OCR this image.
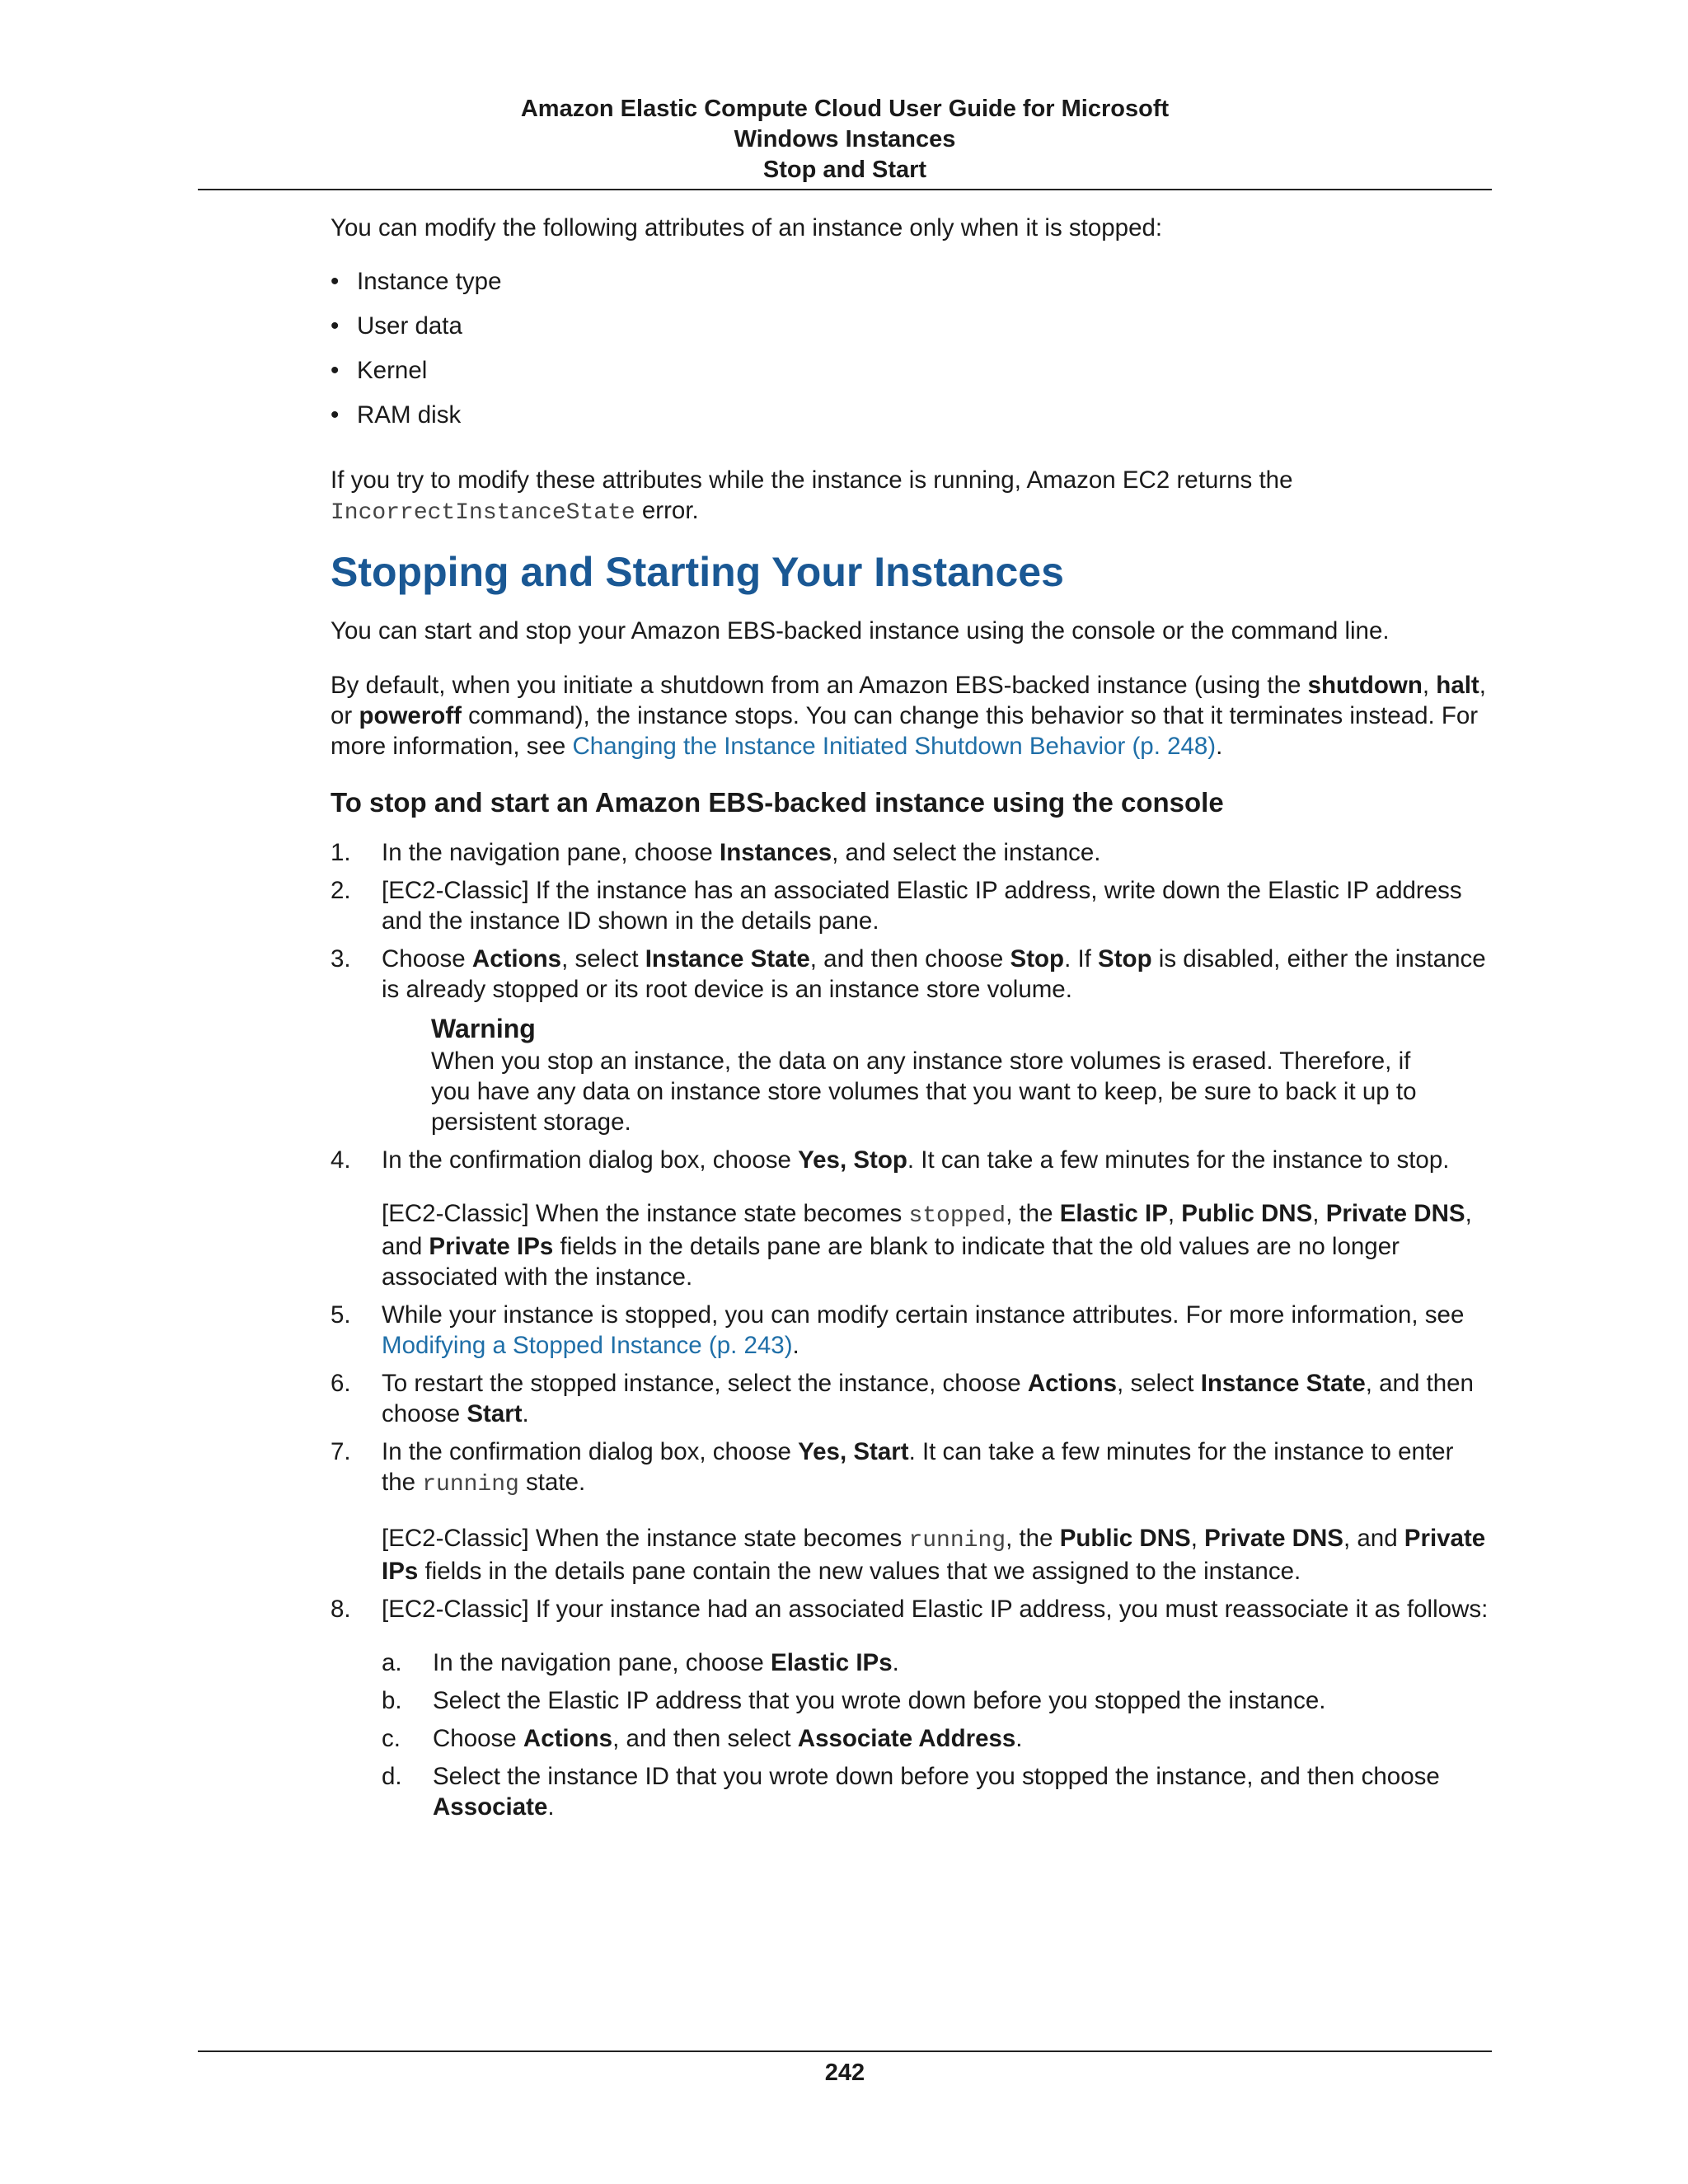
Amazon Elastic Compute Cloud User Guide for Microsoft
Windows Instances
Stop and Start

You can modify the following attributes of an instance only when it is stopped:

• Instance type
• User data
• Kernel
• RAM disk

If you try to modify these attributes while the instance is running, Amazon EC2 returns the
IncorrectInstanceState error.

Stopping and Starting Your Instances

You can start and stop your Amazon EBS-backed instance using the console or the command line.

By default, when you initiate a shutdown from an Amazon EBS-backed instance (using the shutdown, halt, or poweroff command), the instance stops. You can change this behavior so that it terminates instead. For more information, see Changing the Instance Initiated Shutdown Behavior (p. 248).

To stop and start an Amazon EBS-backed instance using the console
1. In the navigation pane, choose Instances, and select the instance.
2. [EC2-Classic] If the instance has an associated Elastic IP address, write down the Elastic IP address and the instance ID shown in the details pane.
3. Choose Actions, select Instance State, and then choose Stop. If Stop is disabled, either the instance is already stopped or its root device is an instance store volume.
Warning
When you stop an instance, the data on any instance store volumes is erased. Therefore, if you have any data on instance store volumes that you want to keep, be sure to back it up to persistent storage.
4. In the confirmation dialog box, choose Yes, Stop. It can take a few minutes for the instance to stop.

[EC2-Classic] When the instance state becomes stopped, the Elastic IP, Public DNS, Private DNS, and Private IPs fields in the details pane are blank to indicate that the old values are no longer associated with the instance.

5. While your instance is stopped, you can modify certain instance attributes. For more information, see Modifying a Stopped Instance (p. 243).
6. To restart the stopped instance, select the instance, choose Actions, select Instance State, and then choose Start.
7. In the confirmation dialog box, choose Yes, Start. It can take a few minutes for the instance to enter the running state.

[EC2-Classic] When the instance state becomes running, the Public DNS, Private DNS, and Private IPs fields in the details pane contain the new values that we assigned to the instance.

8. [EC2-Classic] If your instance had an associated Elastic IP address, you must reassociate it as follows:
a. In the navigation pane, choose Elastic IPs.
b. Select the Elastic IP address that you wrote down before you stopped the instance.
c. Choose Actions, and then select Associate Address.
d. Select the instance ID that you wrote down before you stopped the instance, and then choose Associate.
242
